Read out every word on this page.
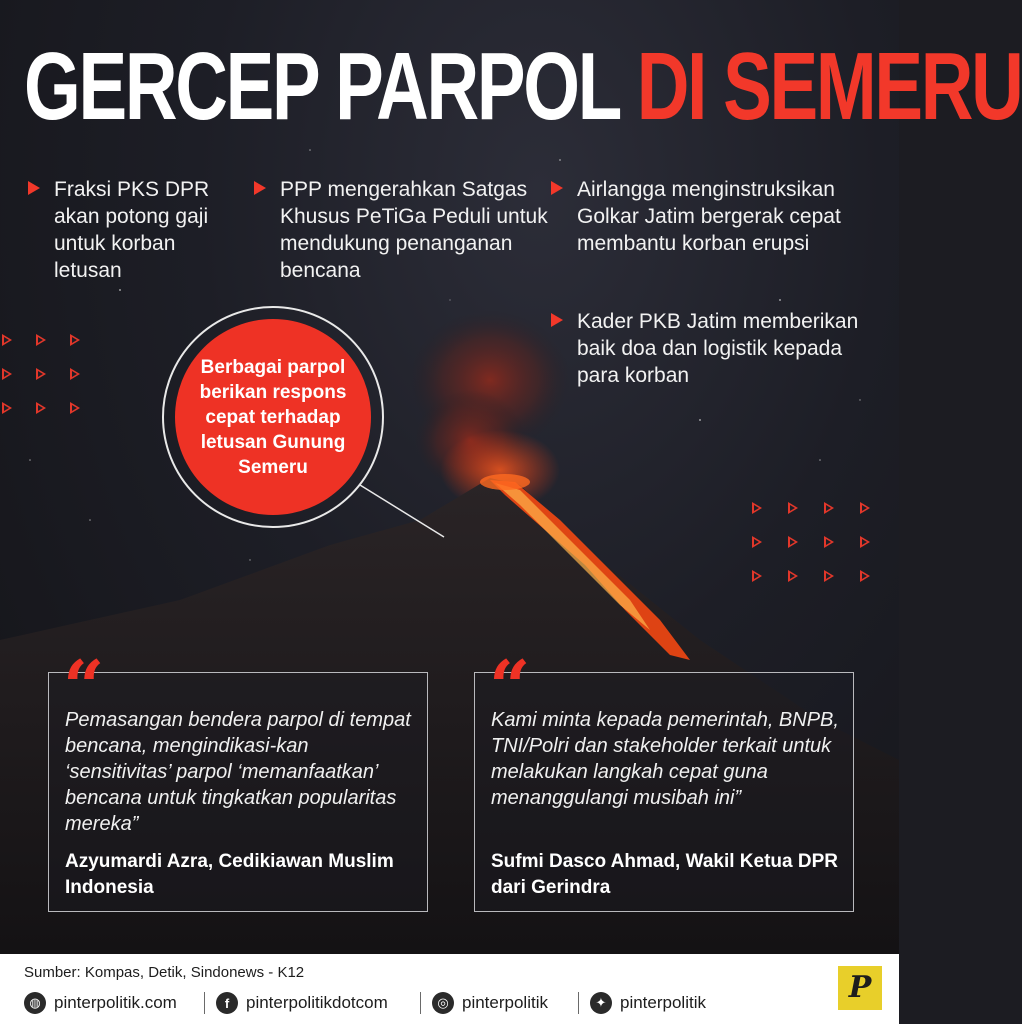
GERCEP PARPOL DI SEMERU
Fraksi PKS DPR akan potong gaji untuk korban letusan
PPP mengerahkan Satgas Khusus PeTiGa Peduli untuk mendukung penanganan bencana
Airlangga menginstruksikan Golkar Jatim bergerak cepat membantu korban erupsi
Kader PKB Jatim memberikan baik doa dan logistik kepada para korban
Berbagai parpol berikan respons cepat terhadap letusan Gunung Semeru
“
Pemasangan bendera parpol di tempat bencana, mengindikasi-kan ‘sensitivitas’ parpol ‘memanfaatkan’ bencana untuk tingkatkan popularitas mereka”
Azyumardi Azra, Cedikiawan Muslim Indonesia
“
Kami minta kepada pemerintah, BNPB, TNI/Polri dan stakeholder terkait untuk melakukan langkah cepat guna menanggulangi musibah ini”
Sufmi Dasco Ahmad, Wakil Ketua DPR dari Gerindra
Sumber: Kompas, Detik, Sindonews - K12
◍ pinterpolitik.com	f pinterpolitikdotcom	◎ pinterpolitik	✦ pinterpolitik	P
